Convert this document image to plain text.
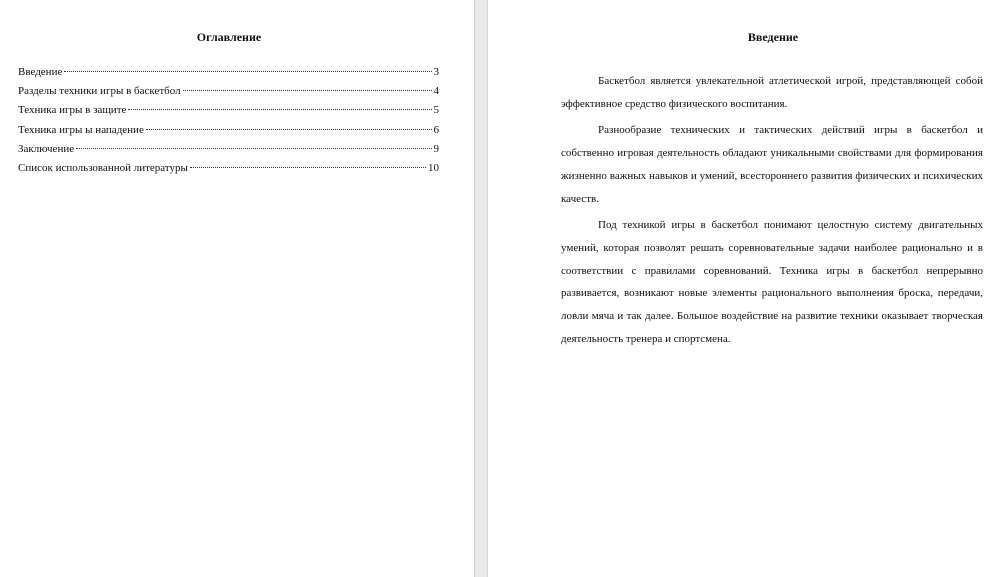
Оглавление
Введение	3
Разделы техники игры в баскетбол	4
Техника игры в защите	5
Техника игры ы нападение	6
Заключение	9
Список использованной литературы	10
Введение

Баскетбол является увлекательной атлетической игрой, представляющей собой эффективное средство физического воспитания.

Разнообразие технических и тактических действий игры в баскетбол и собственно игровая деятельность обладают уникальными свойствами для формирования жизненно важных навыков и умений, всестороннего развития физических и психических качеств.

Под техникой игры в баскетбол понимают целостную систему двигательных умений, которая позволят решать соревновательные задачи наиболее рационально и в соответствии с правилами соревнований. Техника игры в баскетбол непрерывно развивается, возникают новые элементы рационального выполнения броска, передачи, ловли мяча и так далее. Большое воздействие на развитие техники оказывает творческая деятельность тренера и спортсмена.
